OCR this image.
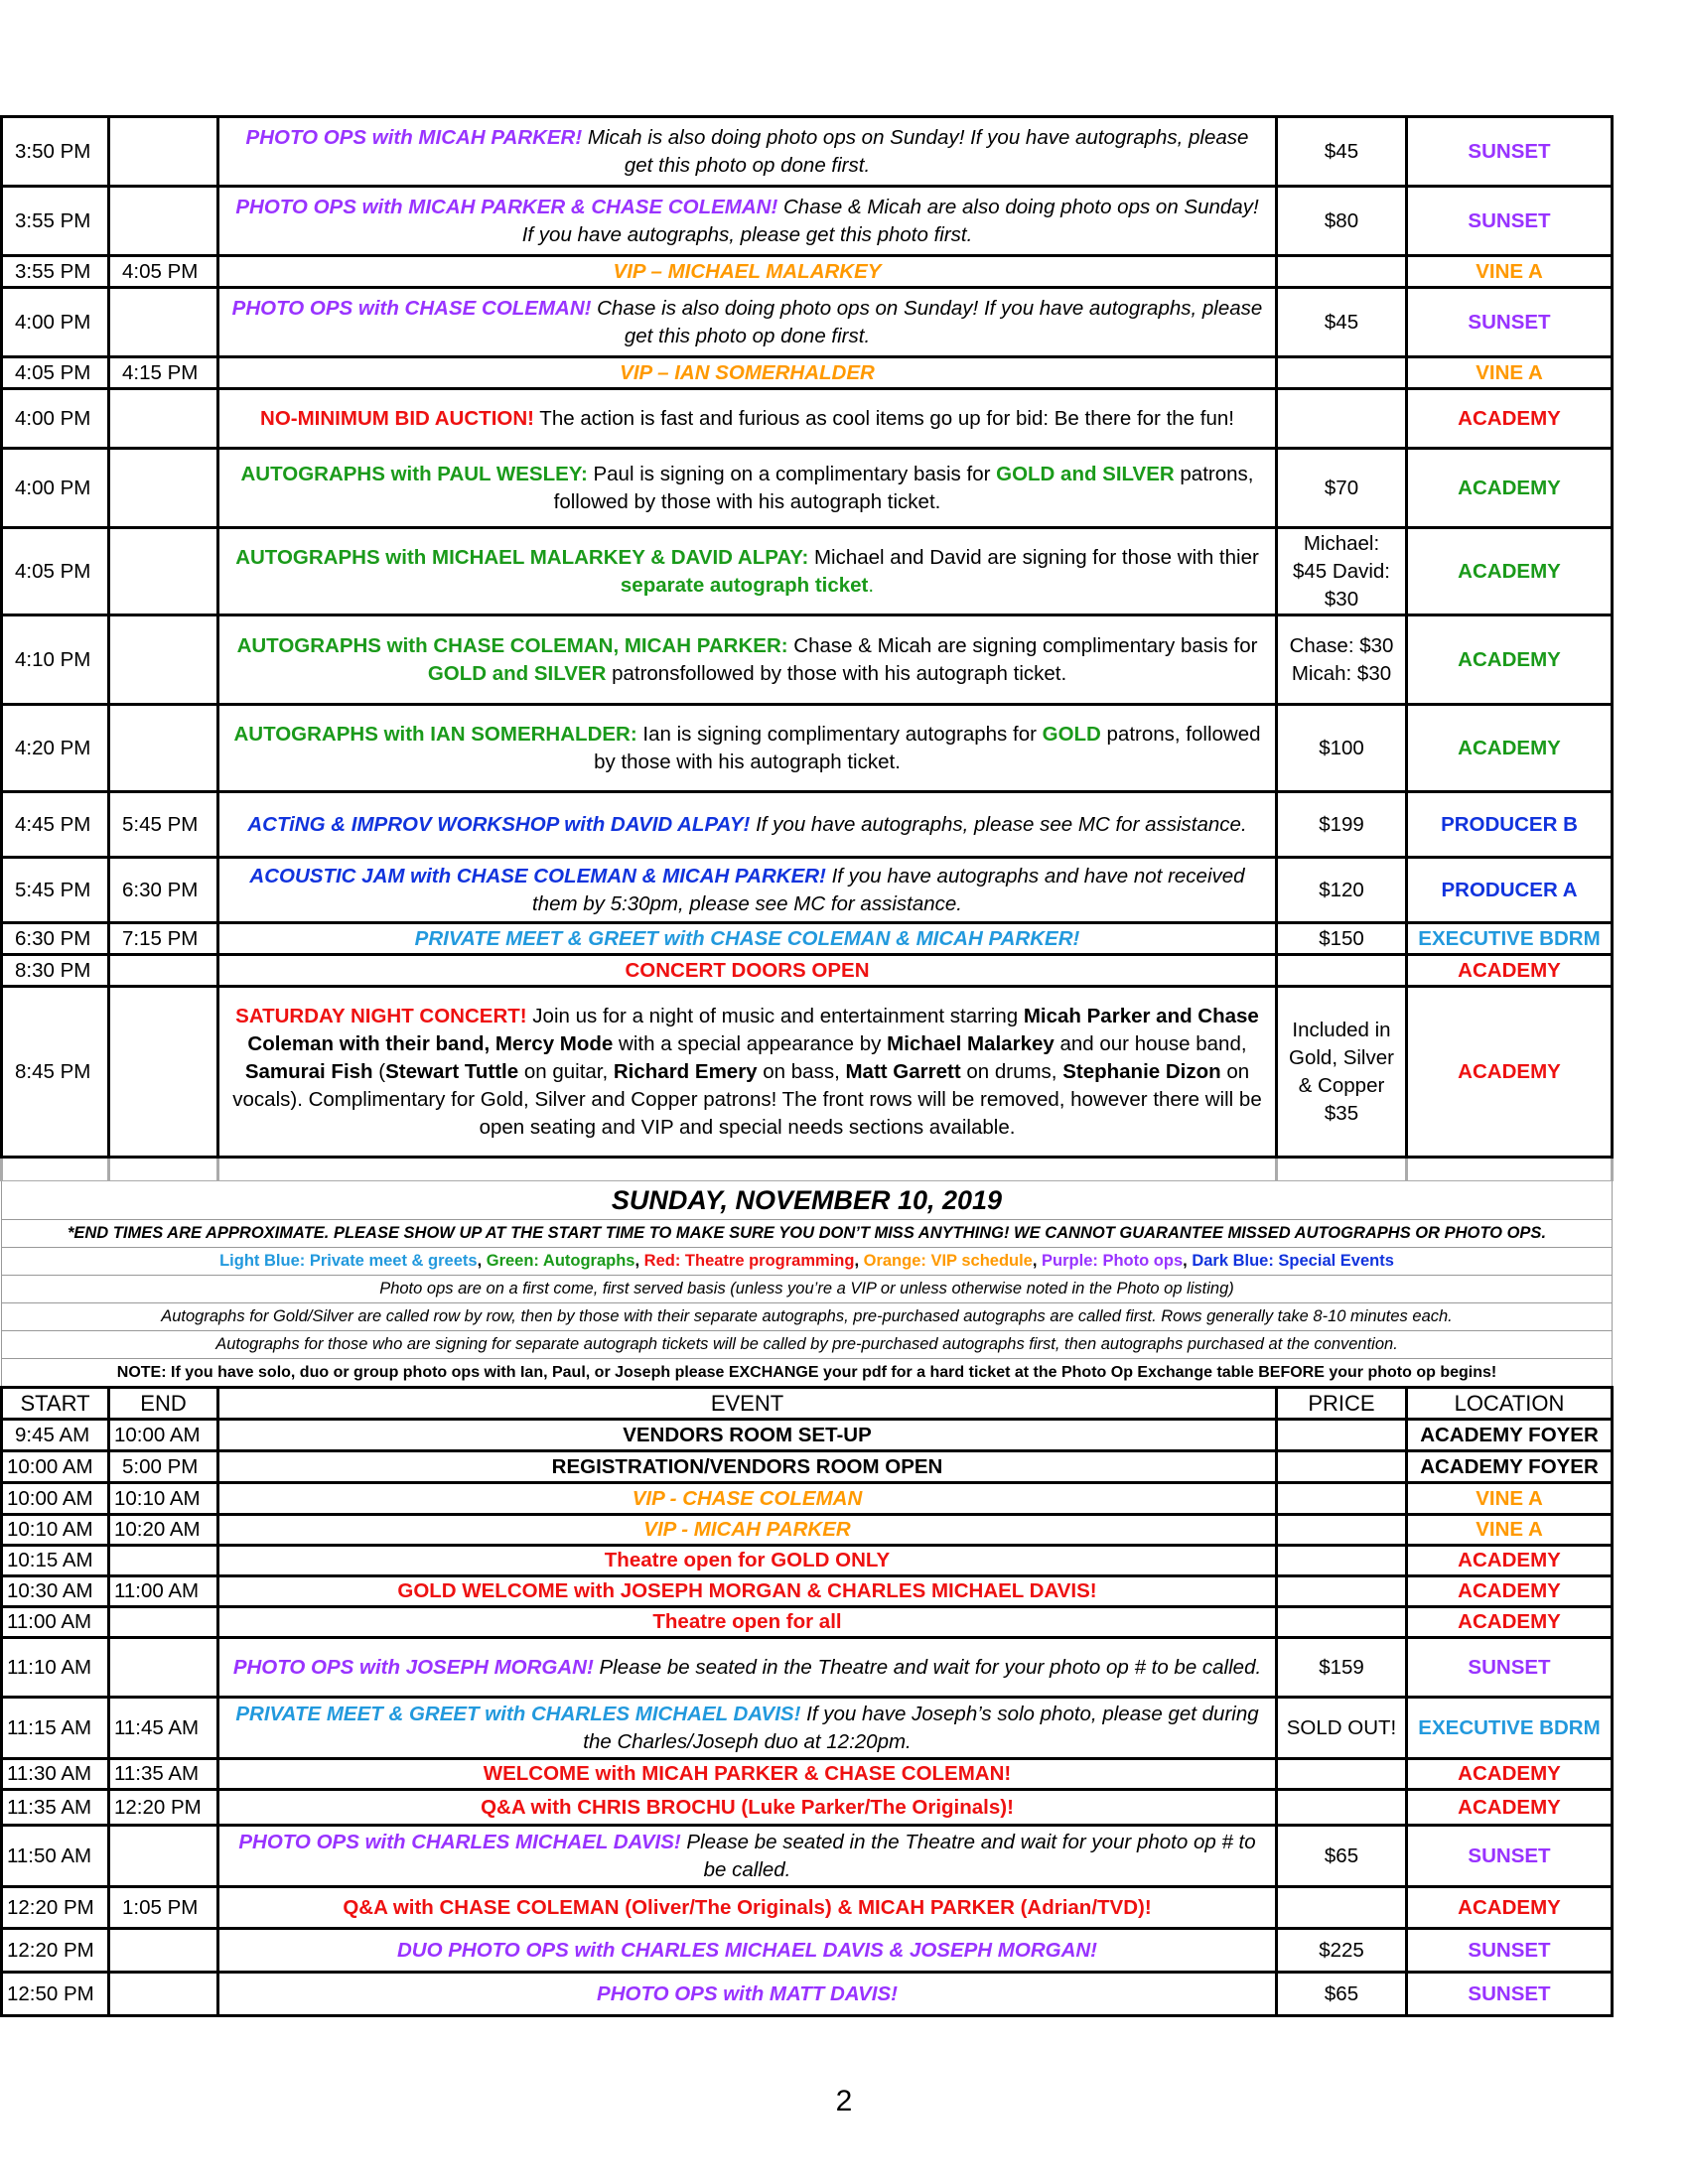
3:50 PM		PHOTO OPS with MICAH PARKER! Micah is also doing photo ops on Sunday! If you have autographs, please get this photo op done first.	$45	SUNSET
3:55 PM		PHOTO OPS with MICAH PARKER & CHASE COLEMAN! Chase & Micah are also doing photo ops on Sunday! If you have autographs, please get this photo first.	$80	SUNSET
3:55 PM	4:05 PM	VIP – MICHAEL MALARKEY		VINE A
4:00 PM		PHOTO OPS with CHASE COLEMAN! Chase is also doing photo ops on Sunday! If you have autographs, please get this photo op done first.	$45	SUNSET
4:05 PM	4:15 PM	VIP – IAN SOMERHALDER		VINE A
4:00 PM		NO-MINIMUM BID AUCTION! The action is fast and furious as cool items go up for bid: Be there for the fun!		ACADEMY
4:00 PM		AUTOGRAPHS with PAUL WESLEY: Paul is signing on a complimentary basis for GOLD and SILVER patrons, followed by those with his autograph ticket.	$70	ACADEMY
4:05 PM		AUTOGRAPHS with MICHAEL MALARKEY & DAVID ALPAY: Michael and David are signing for those with thier separate autograph ticket.	Michael: $45 David: $30	ACADEMY
4:10 PM		AUTOGRAPHS with CHASE COLEMAN, MICAH PARKER: Chase & Micah are signing complimentary basis for GOLD and SILVER patronsfollowed by those with his autograph ticket.	Chase: $30 Micah: $30	ACADEMY
4:20 PM		AUTOGRAPHS with IAN SOMERHALDER: Ian is signing complimentary autographs for GOLD patrons, followed by those with his autograph ticket.	$100	ACADEMY
4:45 PM	5:45 PM	ACTiNG & IMPROV WORKSHOP with DAVID ALPAY! If you have autographs, please see MC for assistance.	$199	PRODUCER B
5:45 PM	6:30 PM	ACOUSTIC JAM with CHASE COLEMAN & MICAH PARKER! If you have autographs and have not received them by 5:30pm, please see MC for assistance.	$120	PRODUCER A
6:30 PM	7:15 PM	PRIVATE MEET & GREET with CHASE COLEMAN & MICAH PARKER!	$150	EXECUTIVE BDRM
8:30 PM		CONCERT DOORS OPEN		ACADEMY
8:45 PM		SATURDAY NIGHT CONCERT! Join us for a night of music and entertainment starring Micah Parker and Chase Coleman with their band, Mercy Mode with a special appearance by Michael Malarkey and our house band, Samurai Fish (Stewart Tuttle on guitar, Richard Emery on bass, Matt Garrett on drums, Stephanie Dizon on vocals). Complimentary for Gold, Silver and Copper patrons! The front rows will be removed, however there will be open seating and VIP and special needs sections available.	Included in Gold, Silver & Copper $35	ACADEMY

SUNDAY, NOVEMBER 10, 2019				
*END TIMES ARE APPROXIMATE. PLEASE SHOW UP AT THE START TIME TO MAKE SURE YOU DON’T MISS ANYTHING! WE CANNOT GUARANTEE MISSED AUTOGRAPHS OR PHOTO OPS.				
Light Blue: Private meet & greets, Green: Autographs, Red: Theatre programming, Orange: VIP schedule, Purple: Photo ops, Dark Blue: Special Events				
Photo ops are on a first come, first served basis (unless you’re a VIP or unless otherwise noted in the Photo op listing)				
Autographs for Gold/Silver are called row by row, then by those with their separate autographs, pre-purchased autographs are called first. Rows generally take 8-10 minutes each.				
Autographs for those who are signing for separate autograph tickets will be called by pre-purchased autographs first, then autographs purchased at the convention.				
NOTE: If you have solo, duo or group photo ops with Ian, Paul, or Joseph please EXCHANGE your pdf for a hard ticket at the Photo Op Exchange table BEFORE your photo op begins!				
START	END	EVENT	PRICE	LOCATION
9:45 AM	10:00 AM	VENDORS ROOM SET-UP		ACADEMY FOYER
10:00 AM	5:00 PM	REGISTRATION/VENDORS ROOM OPEN		ACADEMY FOYER
10:00 AM	10:10 AM	VIP - CHASE COLEMAN		VINE A
10:10 AM	10:20 AM	VIP - MICAH PARKER		VINE A
10:15 AM		Theatre open for GOLD ONLY		ACADEMY
10:30 AM	11:00 AM	GOLD WELCOME with JOSEPH MORGAN & CHARLES MICHAEL DAVIS!		ACADEMY
11:00 AM		Theatre open for all		ACADEMY
11:10 AM		PHOTO OPS with JOSEPH MORGAN! Please be seated in the Theatre and wait for your photo op # to be called.	$159	SUNSET
11:15 AM	11:45 AM	PRIVATE MEET & GREET with CHARLES MICHAEL DAVIS! If you have Joseph’s solo photo, please get during the Charles/Joseph duo at 12:20pm.	SOLD OUT!	EXECUTIVE BDRM
11:30 AM	11:35 AM	WELCOME with MICAH PARKER & CHASE COLEMAN!		ACADEMY
11:35 AM	12:20 PM	Q&A with CHRIS BROCHU (Luke Parker/The Originals)!		ACADEMY
11:50 AM		PHOTO OPS with CHARLES MICHAEL DAVIS! Please be seated in the Theatre and wait for your photo op # to be called.	$65	SUNSET
12:20 PM	1:05 PM	Q&A with CHASE COLEMAN (Oliver/The Originals) & MICAH PARKER (Adrian/TVD)!		ACADEMY
12:20 PM		DUO PHOTO OPS with CHARLES MICHAEL DAVIS & JOSEPH MORGAN!	$225	SUNSET
12:50 PM		PHOTO OPS with MATT DAVIS!	$65	SUNSET
2
